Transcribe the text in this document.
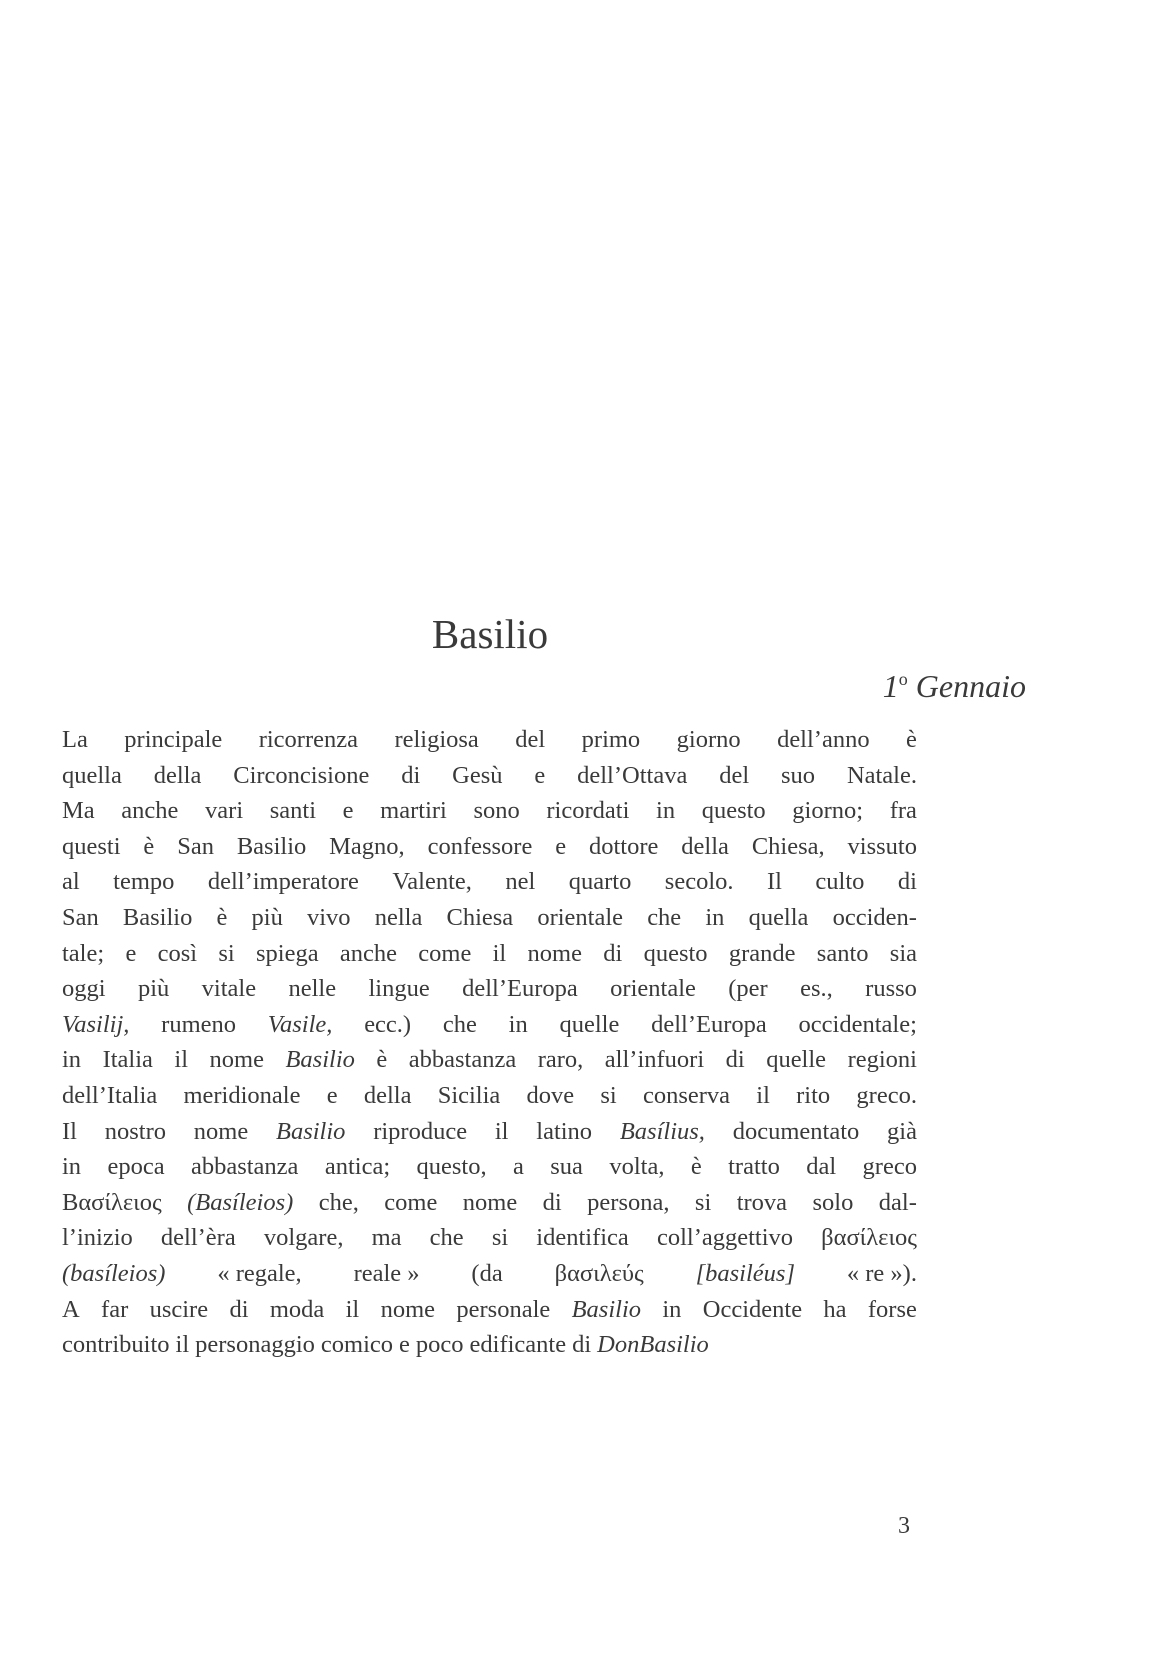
Basilio
1$^o$ Gennaio
La principale ricorrenza religiosa del primo giorno dell’anno è
quella della Circoncisione di Gesù e dell’Ottava del suo Natale.
Ma anche vari santi e martiri sono ricordati in questo giorno; fra
questi è San Basilio Magno, confessore e dottore della Chiesa, vissuto
al tempo dell’imperatore Valente, nel quarto secolo. Il culto di
San Basilio è più vivo nella Chiesa orientale che in quella occiden-
tale; e così si spiega anche come il nome di questo grande santo sia
oggi più vitale nelle lingue dell’Europa orientale (per es., russo
Vasilij, rumeno Vasile, ecc.) che in quelle dell’Europa occidentale;
in Italia il nome Basilio è abbastanza raro, all’infuori di quelle regioni
dell’Italia meridionale e della Sicilia dove si conserva il rito greco.
Il nostro nome Basilio riproduce il latino Basílius, documentato già
in epoca abbastanza antica; questo, a sua volta, è tratto dal greco
Βασίλειος (Basíleios) che, come nome di persona, si trova solo dal-
l’inizio dell’èra volgare, ma che si identifica coll’aggettivo βασίλειος
(basíleios) « regale, reale » (da βασιλεύς [basiléus] « re »).
A far uscire di moda il nome personale Basilio in Occidente ha forse
contribuito il personaggio comico e poco edificante di Don Basilio
3
